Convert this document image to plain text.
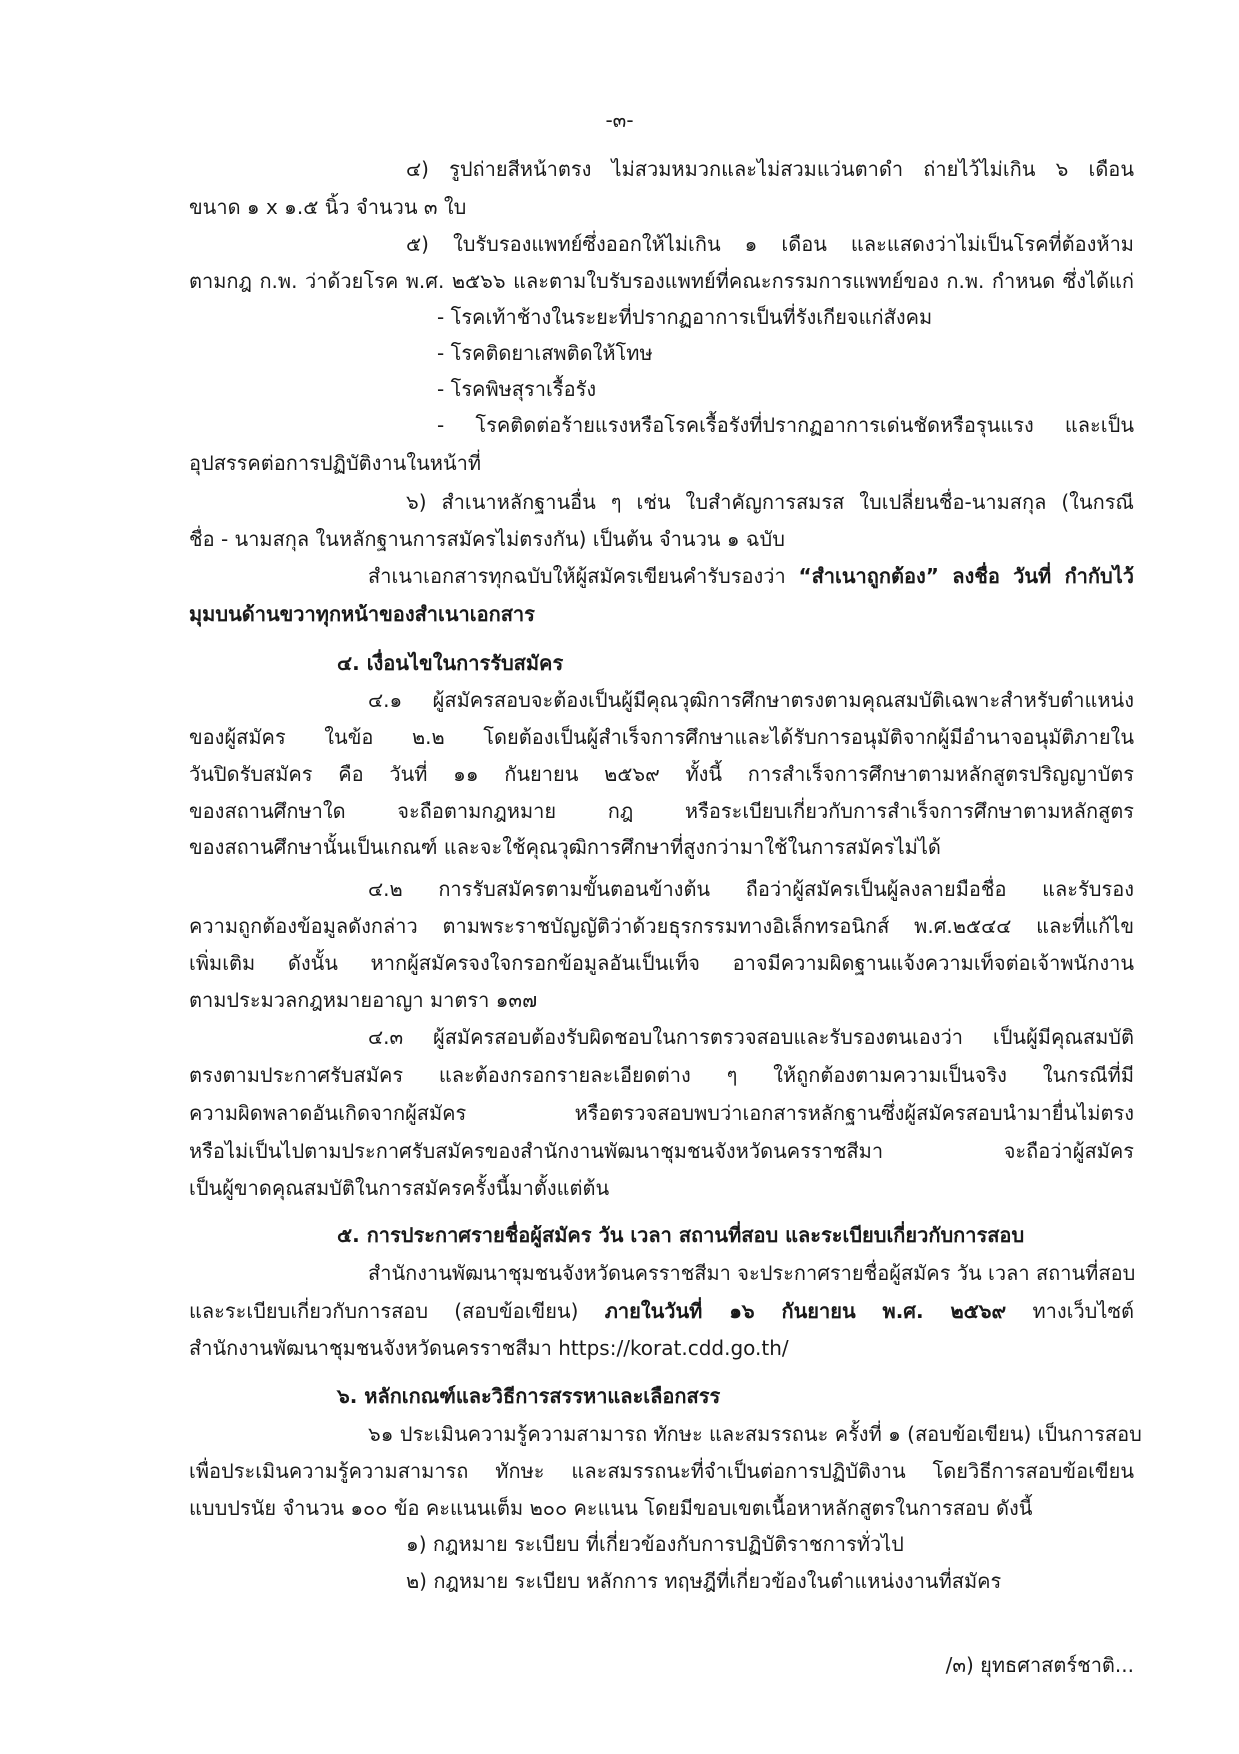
-๓-

๔) รูปถ่ายสีหน้าตรง ไม่สวมหมวกและไม่สวมแว่นตาดำ ถ่ายไว้ไม่เกิน ๖ เดือน

ขนาด ๑ x ๑.๕ นิ้ว จำนวน ๓ ใบ

๕) ใบรับรองแพทย์ซึ่งออกให้ไม่เกิน ๑ เดือน และแสดงว่าไม่เป็นโรคที่ต้องห้าม

ตามกฎ ก.พ. ว่าด้วยโรค พ.ศ. ๒๕๖๖ และตามใบรับรองแพทย์ที่คณะกรรมการแพทย์ของ ก.พ. กำหนด ซึ่งได้แก่

- โรคเท้าช้างในระยะที่ปรากฏอาการเป็นที่รังเกียจแก่สังคม

- โรคติดยาเสพติดให้โทษ

- โรคพิษสุราเรื้อรัง

- โรคติดต่อร้ายแรงหรือโรคเรื้อรังที่ปรากฏอาการเด่นชัดหรือรุนแรง และเป็น

อุปสรรคต่อการปฏิบัติงานในหน้าที่

๖) สำเนาหลักฐานอื่น ๆ เช่น ใบสำคัญการสมรส ใบเปลี่ยนชื่อ-นามสกุล (ในกรณี

ชื่อ - นามสกุล ในหลักฐานการสมัครไม่ตรงกัน) เป็นต้น จำนวน ๑ ฉบับ

สำเนาเอกสารทุกฉบับให้ผู้สมัครเขียนคำรับรองว่า “สำเนาถูกต้อง” ลงชื่อ วันที่ กำกับไว้

มุมบนด้านขวาทุกหน้าของสำเนาเอกสาร

๔. เงื่อนไขในการรับสมัคร

๔.๑ ผู้สมัครสอบจะต้องเป็นผู้มีคุณวุฒิการศึกษาตรงตามคุณสมบัติเฉพาะสำหรับตำแหน่ง

ของผู้สมัคร ในข้อ ๒.๒ โดยต้องเป็นผู้สำเร็จการศึกษาและได้รับการอนุมัติจากผู้มีอำนาจอนุมัติภายใน

วันปิดรับสมัคร คือ วันที่ ๑๑ กันยายน ๒๕๖๙ ทั้งนี้ การสำเร็จการศึกษาตามหลักสูตรปริญญาบัตร

ของสถานศึกษาใด จะถือตามกฎหมาย กฎ หรือระเบียบเกี่ยวกับการสำเร็จการศึกษาตามหลักสูตร

ของสถานศึกษานั้นเป็นเกณฑ์ และจะใช้คุณวุฒิการศึกษาที่สูงกว่ามาใช้ในการสมัครไม่ได้

๔.๒ การรับสมัครตามขั้นตอนข้างต้น ถือว่าผู้สมัครเป็นผู้ลงลายมือชื่อ และรับรอง

ความถูกต้องข้อมูลดังกล่าว ตามพระราชบัญญัติว่าด้วยธุรกรรมทางอิเล็กทรอนิกส์ พ.ศ.๒๕๔๔ และที่แก้ไข

เพิ่มเติม ดังนั้น หากผู้สมัครจงใจกรอกข้อมูลอันเป็นเท็จ อาจมีความผิดฐานแจ้งความเท็จต่อเจ้าพนักงาน

ตามประมวลกฎหมายอาญา มาตรา ๑๓๗

๔.๓ ผู้สมัครสอบต้องรับผิดชอบในการตรวจสอบและรับรองตนเองว่า เป็นผู้มีคุณสมบัติ

ตรงตามประกาศรับสมัคร และต้องกรอกรายละเอียดต่าง ๆ ให้ถูกต้องตามความเป็นจริง ในกรณีที่มี

ความผิดพลาดอันเกิดจากผู้สมัคร หรือตรวจสอบพบว่าเอกสารหลักฐานซึ่งผู้สมัครสอบนำมายื่นไม่ตรง

หรือไม่เป็นไปตามประกาศรับสมัครของสำนักงานพัฒนาชุมชนจังหวัดนครราชสีมา จะถือว่าผู้สมัคร

เป็นผู้ขาดคุณสมบัติในการสมัครครั้งนี้มาตั้งแต่ต้น

๕. การประกาศรายชื่อผู้สมัคร วัน เวลา สถานที่สอบ และระเบียบเกี่ยวกับการสอบ

สำนักงานพัฒนาชุมชนจังหวัดนครราชสีมา จะประกาศรายชื่อผู้สมัคร วัน เวลา สถานที่สอบ

และระเบียบเกี่ยวกับการสอบ (สอบข้อเขียน) ภายในวันที่ ๑๖ กันยายน พ.ศ. ๒๕๖๙ ทางเว็บไซต์

สำนักงานพัฒนาชุมชนจังหวัดนครราชสีมา https://korat.cdd.go.th/

๖. หลักเกณฑ์และวิธีการสรรหาและเลือกสรร

๖๑ ประเมินความรู้ความสามารถ ทักษะ และสมรรถนะ ครั้งที่ ๑ (สอบข้อเขียน) เป็นการสอบ

เพื่อประเมินความรู้ความสามารถ ทักษะ และสมรรถนะที่จำเป็นต่อการปฏิบัติงาน โดยวิธีการสอบข้อเขียน

แบบปรนัย จำนวน ๑๐๐ ข้อ คะแนนเต็ม ๒๐๐ คะแนน โดยมีขอบเขตเนื้อหาหลักสูตรในการสอบ ดังนี้

๑) กฎหมาย ระเบียบ ที่เกี่ยวข้องกับการปฏิบัติราชการทั่วไป

๒) กฎหมาย ระเบียบ หลักการ ทฤษฎีที่เกี่ยวข้องในตำแหน่งงานที่สมัคร

/๓) ยุทธศาสตร์ชาติ...
